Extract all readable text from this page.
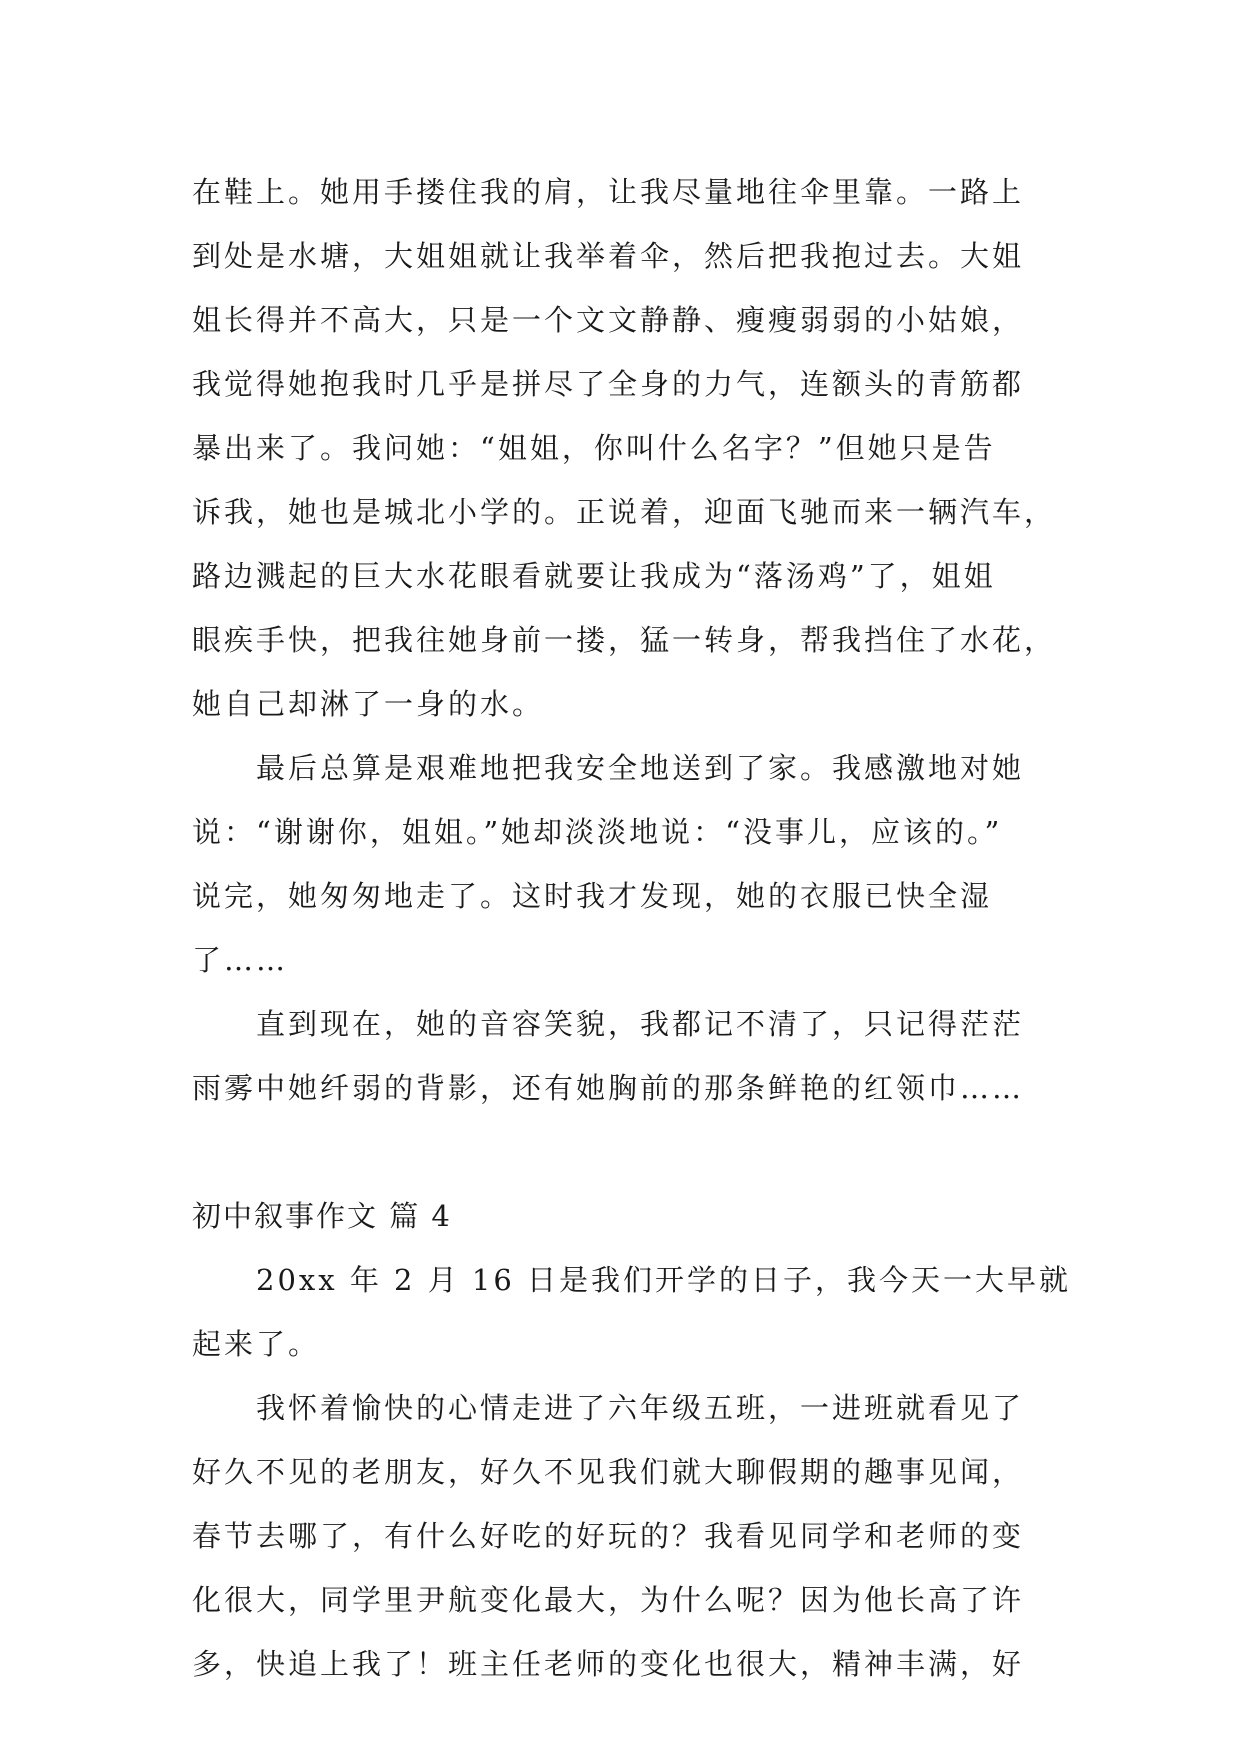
在鞋上。她用手搂住我的肩，让我尽量地往伞里靠。一路上
到处是水塘，大姐姐就让我举着伞，然后把我抱过去。大姐
姐长得并不高大，只是一个文文静静、瘦瘦弱弱的小姑娘，
我觉得她抱我时几乎是拼尽了全身的力气，连额头的青筋都
暴出来了。我问她：“姐姐，你叫什么名字？”但她只是告
诉我，她也是城北小学的。正说着，迎面飞驰而来一辆汽车，
路边溅起的巨大水花眼看就要让我成为“落汤鸡”了，姐姐
眼疾手快，把我往她身前一搂，猛一转身，帮我挡住了水花，
她自己却淋了一身的水。
最后总算是艰难地把我安全地送到了家。我感激地对她
说：“谢谢你，姐姐。”她却淡淡地说：“没事儿，应该的。”
说完，她匆匆地走了。这时我才发现，她的衣服已快全湿
了……
直到现在，她的音容笑貌，我都记不清了，只记得茫茫
雨雾中她纤弱的背影，还有她胸前的那条鲜艳的红领巾……
初中叙事作文 篇 4
20xx 年 2 月 16 日是我们开学的日子，我今天一大早就
起来了。
我怀着愉快的心情走进了六年级五班，一进班就看见了
好久不见的老朋友，好久不见我们就大聊假期的趣事见闻，
春节去哪了，有什么好吃的好玩的？我看见同学和老师的变
化很大，同学里尹航变化最大，为什么呢？因为他长高了许
多，快追上我了！班主任老师的变化也很大，精神丰满，好
